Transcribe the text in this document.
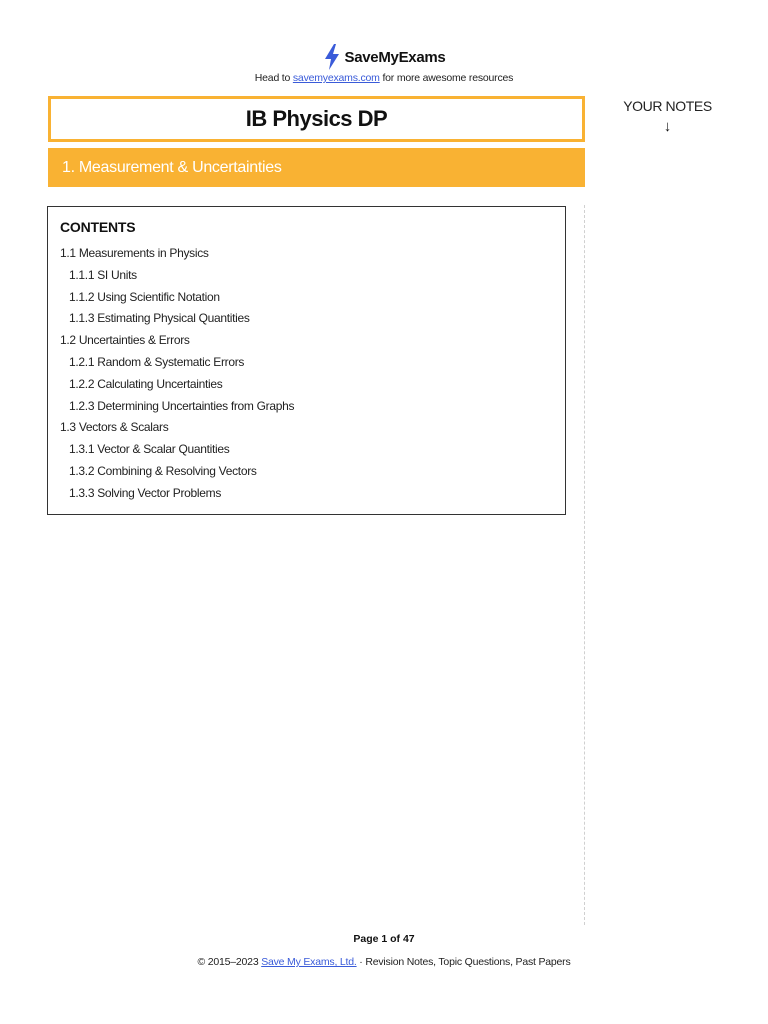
SaveMyExams
Head to savemyexams.com for more awesome resources
IB Physics DP
1. Measurement & Uncertainties
YOUR NOTES
↓
CONTENTS
1.1 Measurements in Physics
1.1.1 SI Units
1.1.2 Using Scientific Notation
1.1.3 Estimating Physical Quantities
1.2 Uncertainties & Errors
1.2.1 Random & Systematic Errors
1.2.2 Calculating Uncertainties
1.2.3 Determining Uncertainties from Graphs
1.3 Vectors & Scalars
1.3.1 Vector & Scalar Quantities
1.3.2 Combining & Resolving Vectors
1.3.3 Solving Vector Problems
Page 1 of 47
© 2015–2023 Save My Exams, Ltd. · Revision Notes, Topic Questions, Past Papers
